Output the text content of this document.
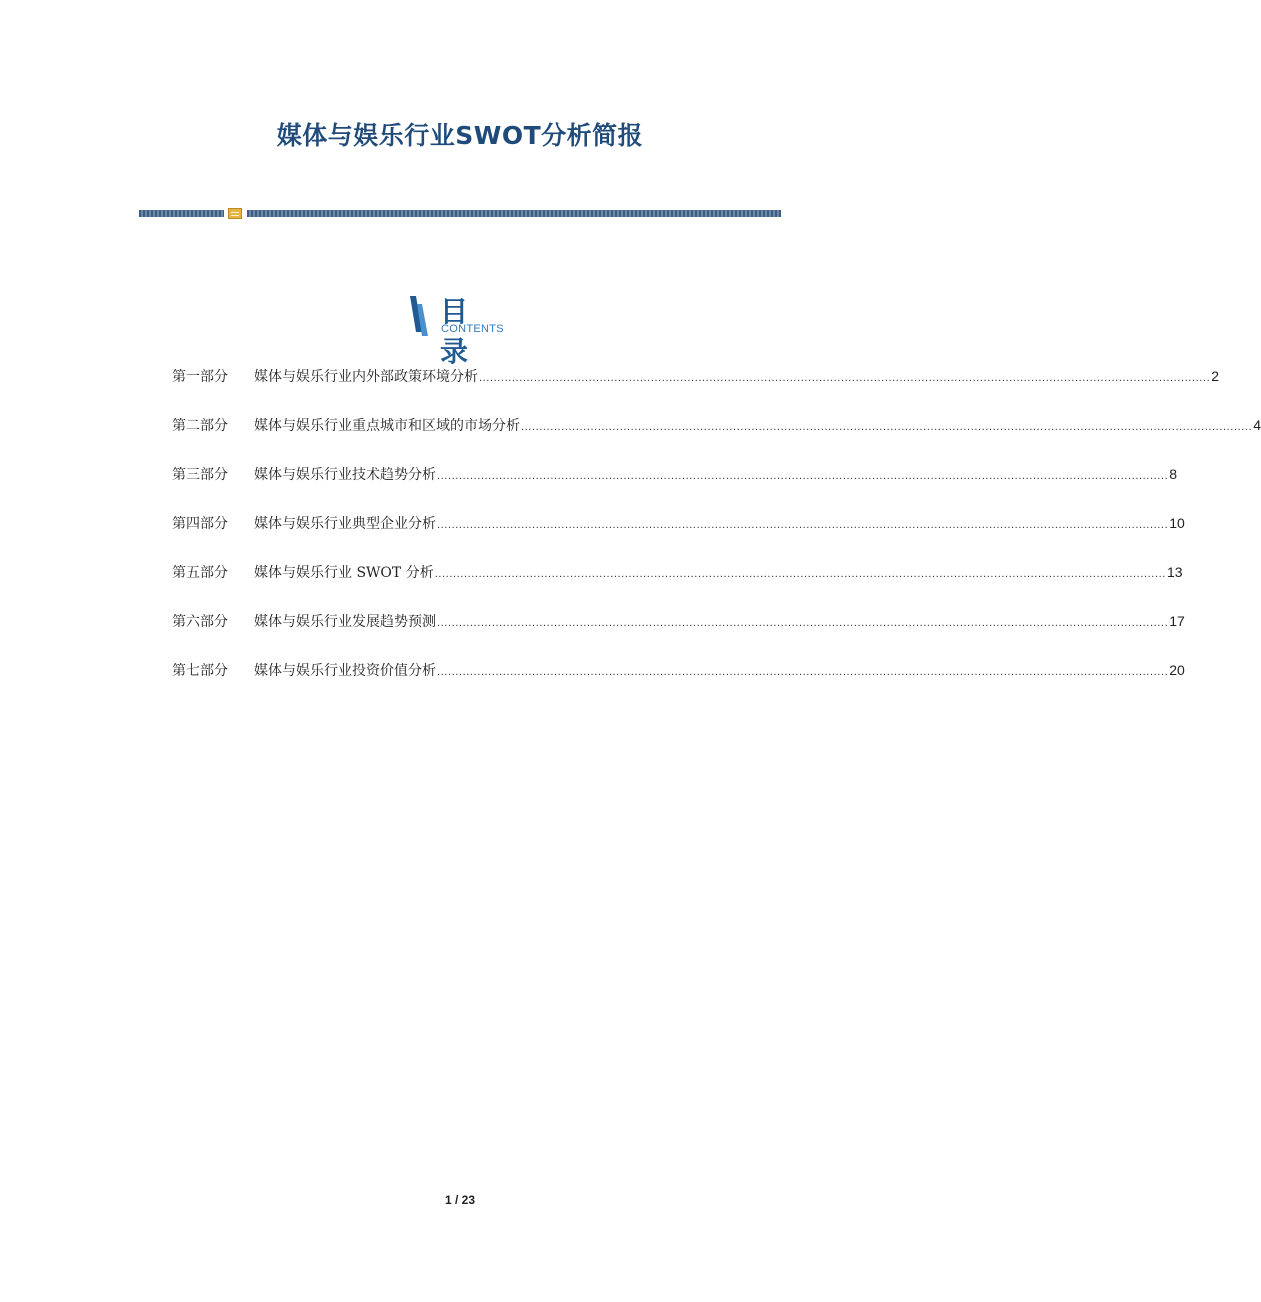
媒体与娱乐行业SWOT分析简报
目 录
CONTENTS
第一部分	媒体与娱乐行业内外部政策环境分析 ........................................................................................................................................................................................................ 2
第二部分	媒体与娱乐行业重点城市和区域的市场分析 ........................................................................................................................................................................................................ 4
第三部分	媒体与娱乐行业技术趋势分析 ........................................................................................................................................................................................................ 8
第四部分	媒体与娱乐行业典型企业分析 ........................................................................................................................................................................................................ 10
第五部分	媒体与娱乐行业 SWOT 分析 ........................................................................................................................................................................................................ 13
第六部分	媒体与娱乐行业发展趋势预测 ........................................................................................................................................................................................................ 17
第七部分	媒体与娱乐行业投资价值分析 ........................................................................................................................................................................................................ 20
1 / 23
